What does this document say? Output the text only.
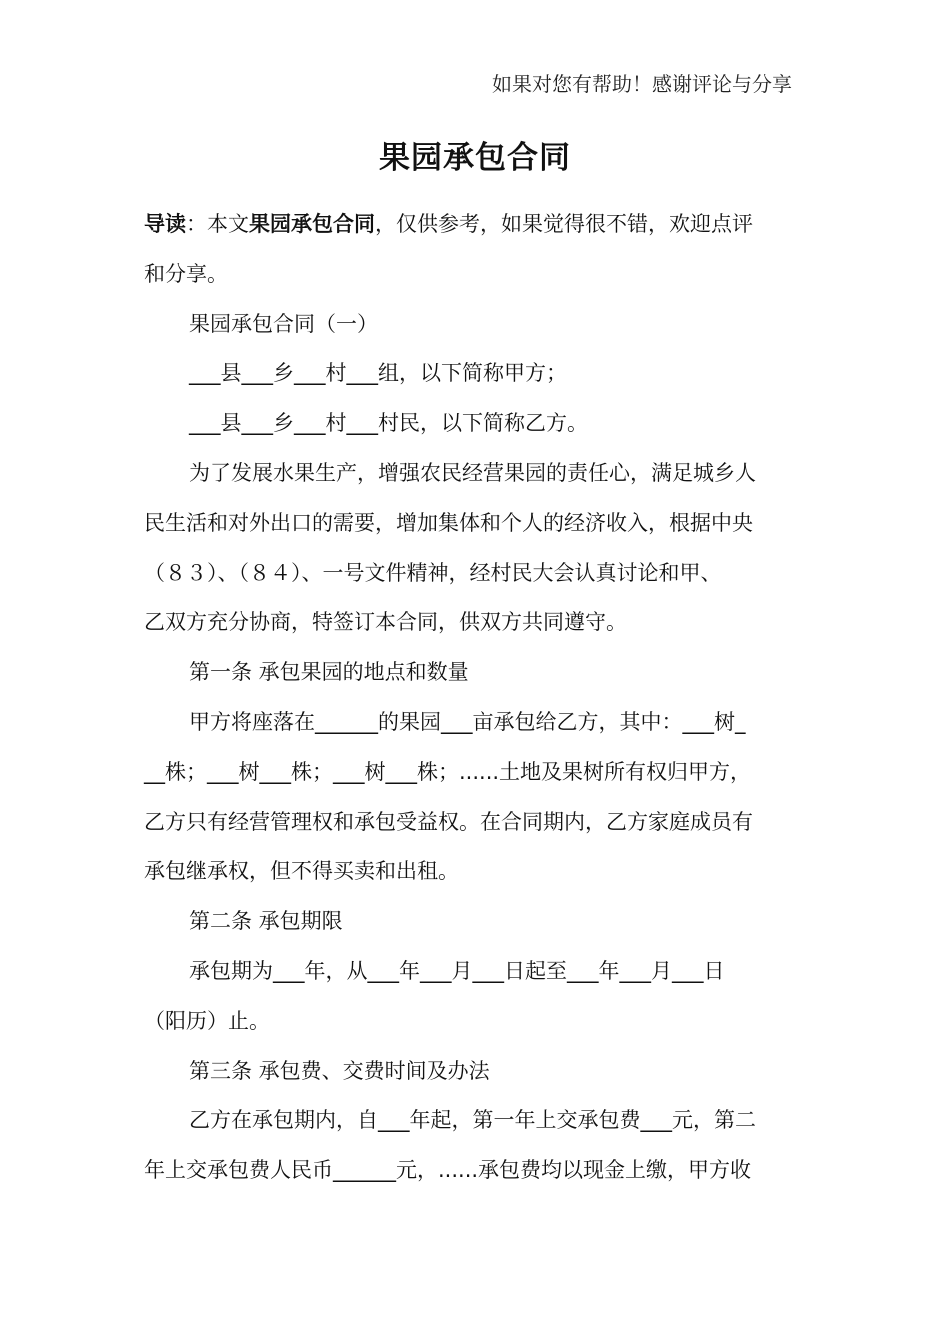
如果对您有帮助！感谢评论与分享
果园承包合同

导读：本文果园承包合同，仅供参考，如果觉得很不错，欢迎点评

和分享。

果园承包合同（一）

___县___乡___村___组，以下简称甲方；

___县___乡___村___村民，以下简称乙方。

为了发展水果生产，增强农民经营果园的责任心，满足城乡人

民生活和对外出口的需要，增加集体和个人的经济收入，根据中央

（８３）、（８４）、一号文件精神，经村民大会认真讨论和甲、

乙双方充分协商，特签订本合同，供双方共同遵守。

第一条 承包果园的地点和数量

甲方将座落在______的果园___亩承包给乙方，其中：___树_

__株；___树___株；___树___株；......土地及果树所有权归甲方，

乙方只有经营管理权和承包受益权。在合同期内，乙方家庭成员有

承包继承权，但不得买卖和出租。

第二条 承包期限

承包期为___年，从___年___月___日起至___年___月___日

（阳历）止。

第三条 承包费、交费时间及办法

乙方在承包期内，自___年起，第一年上交承包费___元，第二

年上交承包费人民币______元，......承包费均以现金上缴，甲方收
